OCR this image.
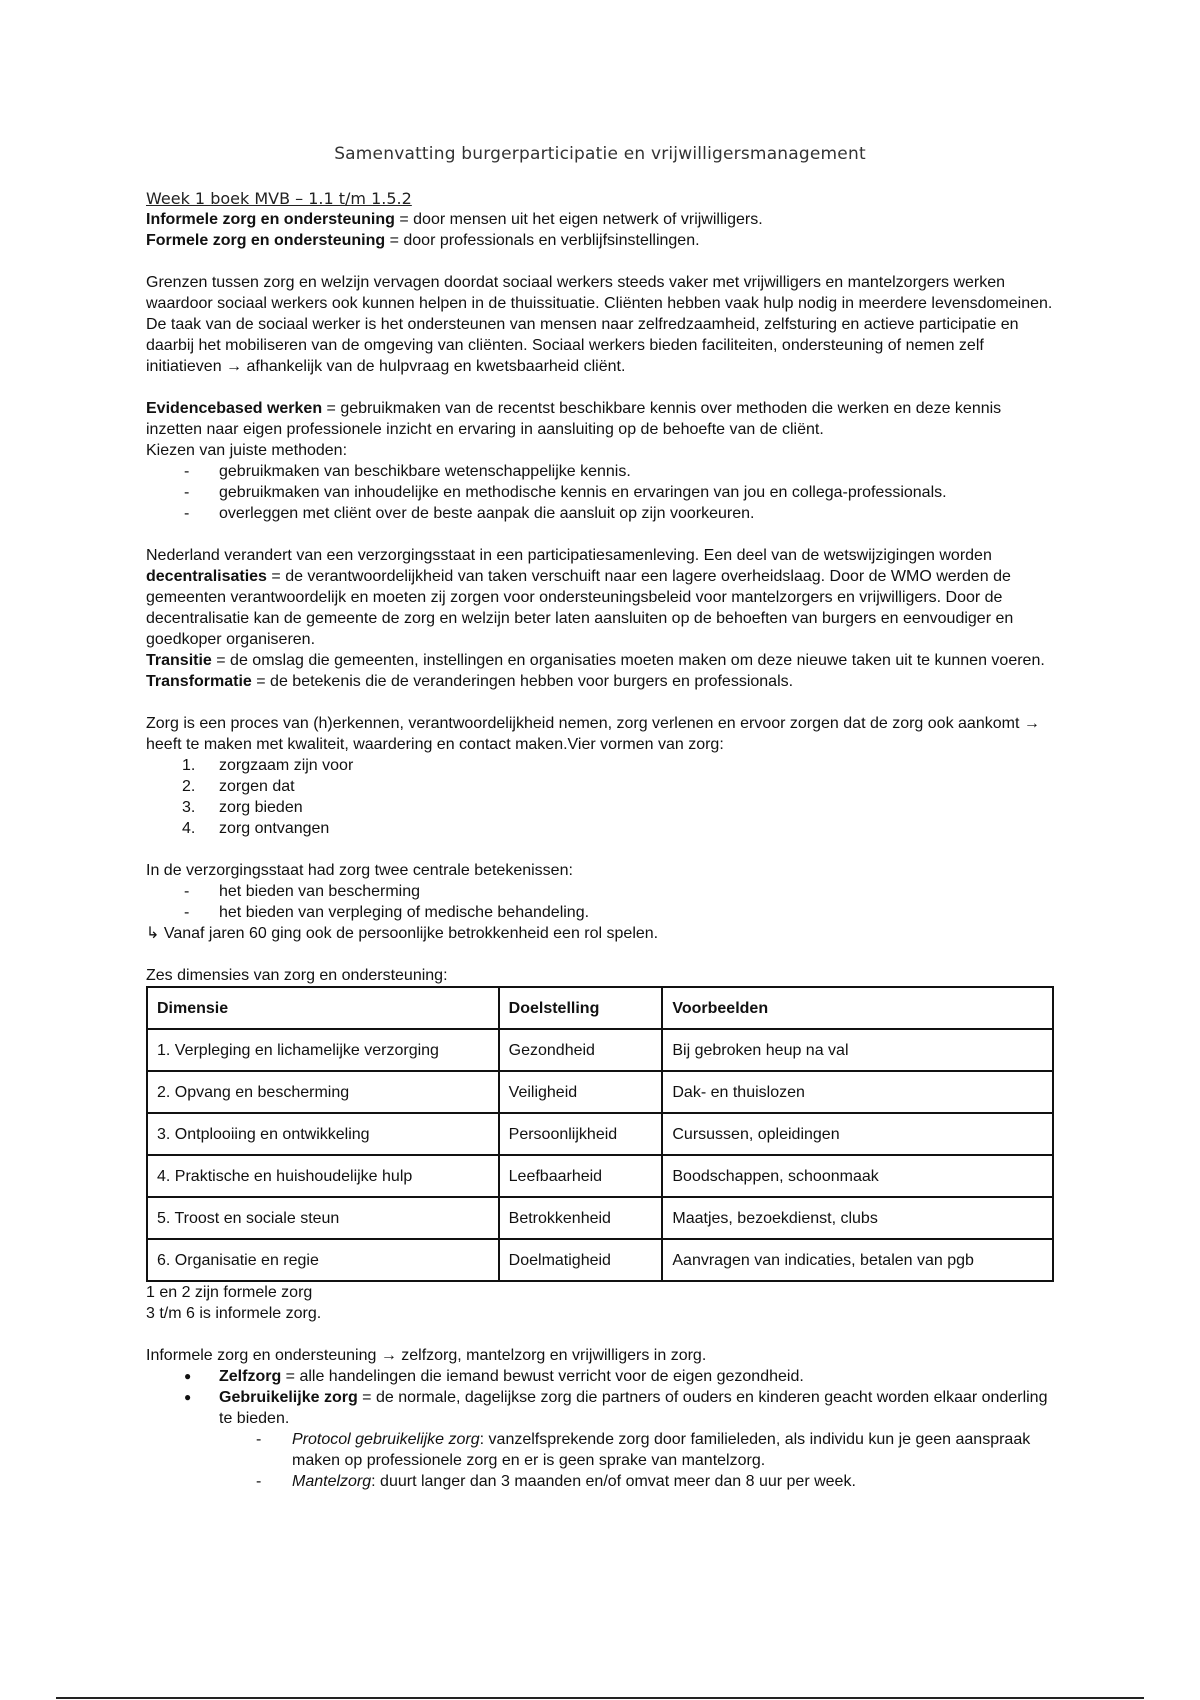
Samenvatting burgerparticipatie en vrijwilligersmanagement

Week 1 boek MVB – 1.1 t/m 1.5.2

Informele zorg en ondersteuning = door mensen uit het eigen netwerk of vrijwilligers.

Formele zorg en ondersteuning = door professionals en verblijfsinstellingen.

Grenzen tussen zorg en welzijn vervagen doordat sociaal werkers steeds vaker met vrijwilligers en mantelzorgers werken waardoor sociaal werkers ook kunnen helpen in de thuissituatie. Cliënten hebben vaak hulp nodig in meerdere levensdomeinen. De taak van de sociaal werker is het ondersteunen van mensen naar zelfredzaamheid, zelfsturing en actieve participatie en daarbij het mobiliseren van de omgeving van cliënten. Sociaal werkers bieden faciliteiten, ondersteuning of nemen zelf initiatieven → afhankelijk van de hulpvraag en kwetsbaarheid cliënt.

Evidencebased werken = gebruikmaken van de recentst beschikbare kennis over methoden die werken en deze kennis inzetten naar eigen professionele inzicht en ervaring in aansluiting op de behoefte van de cliënt.

Kiezen van juiste methoden:

- gebruikmaken van beschikbare wetenschappelijke kennis.
- gebruikmaken van inhoudelijke en methodische kennis en ervaringen van jou en collega-professionals.
- overleggen met cliënt over de beste aanpak die aansluit op zijn voorkeuren.

Nederland verandert van een verzorgingsstaat in een participatiesamenleving. Een deel van de wetswijzigingen worden decentralisaties = de verantwoordelijkheid van taken verschuift naar een lagere overheidslaag. Door de WMO werden de gemeenten verantwoordelijk en moeten zij zorgen voor ondersteuningsbeleid voor mantelzorgers en vrijwilligers. Door de decentralisatie kan de gemeente de zorg en welzijn beter laten aansluiten op de behoeften van burgers en eenvoudiger en goedkoper organiseren.

Transitie = de omslag die gemeenten, instellingen en organisaties moeten maken om deze nieuwe taken uit te kunnen voeren.

Transformatie = de betekenis die de veranderingen hebben voor burgers en professionals.

Zorg is een proces van (h)erkennen, verantwoordelijkheid nemen, zorg verlenen en ervoor zorgen dat de zorg ook aankomt → heeft te maken met kwaliteit, waardering en contact maken.Vier vormen van zorg:

1. zorgzaam zijn voor
2. zorgen dat
3. zorg bieden
4. zorg ontvangen

In de verzorgingsstaat had zorg twee centrale betekenissen:

- het bieden van bescherming
- het bieden van verpleging of medische behandeling.

↳ Vanaf jaren 60 ging ook de persoonlijke betrokkenheid een rol spelen.

Zes dimensies van zorg en ondersteuning:

Dimensie	Doelstelling	Voorbeelden
1. Verpleging en lichamelijke verzorging	Gezondheid	Bij gebroken heup na val
2. Opvang en bescherming	Veiligheid	Dak- en thuislozen
3. Ontplooiing en ontwikkeling	Persoonlijkheid	Cursussen, opleidingen
4. Praktische en huishoudelijke hulp	Leefbaarheid	Boodschappen, schoonmaak
5. Troost en sociale steun	Betrokkenheid	Maatjes, bezoekdienst, clubs
6. Organisatie en regie	Doelmatigheid	Aanvragen van indicaties, betalen van pgb

1 en 2 zijn formele zorg

3 t/m 6 is informele zorg.

Informele zorg en ondersteuning → zelfzorg, mantelzorg en vrijwilligers in zorg.

● Zelfzorg = alle handelingen die iemand bewust verricht voor de eigen gezondheid.
● Gebruikelijke zorg = de normale, dagelijkse zorg die partners of ouders en kinderen geacht worden elkaar onderling te bieden.
- Protocol gebruikelijke zorg: vanzelfsprekende zorg door familieleden, als individu kun je geen aanspraak maken op professionele zorg en er is geen sprake van mantelzorg.
- Mantelzorg: duurt langer dan 3 maanden en/of omvat meer dan 8 uur per week.
